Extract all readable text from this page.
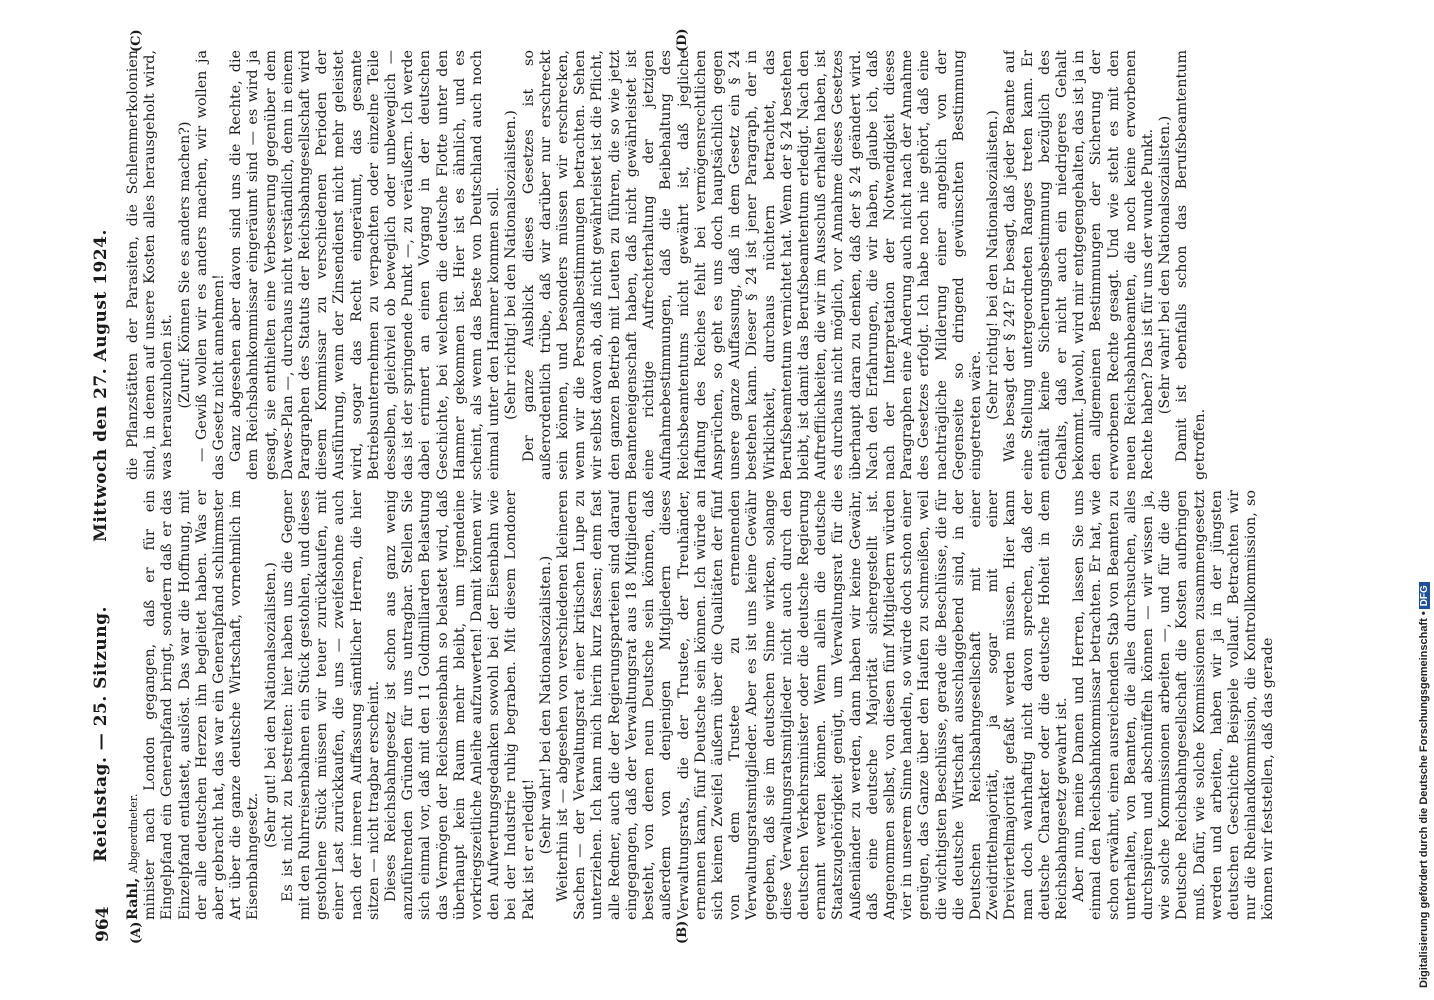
964
Reichstag. — 25. Sitzung.
Mittwoch den 27. August 1924.
(A)	(B)
(C)	(D)

Rahl, Abgeordneter. minister nach London gegangen, daß er für ein Eingelpfand ein Generalpfand bringt, sondern daß er das Einzelpfand entlastet, auslöst. Das war die Hoffnung, mit der alle deutschen Herzen ihn begleitet haben. Was er aber gebracht hat, das war ein Generalpfand schlimmster Art über die ganze deutsche Wirtschaft, vornehmlich im Eisenbahngesetz.

(Sehr gut! bei den Nationalsozialisten.) Es ist nicht zu bestreiten: hier haben uns die Gegner mit den Ruhrreisenbahnen ein Stück gestohlen, und dieses gestohlene Stück müssen wir teuer zurückkaufen, mit einer Last zurückkaufen, die uns — zweifelsohne auch nach der inneren Auffassung sämtlicher Herren, die hier sitzen — nicht tragbar erscheint. Dieses Reichsbahngesetz ist schon aus ganz wenig anzuführenden Gründen für uns untragbar. Stellen Sie sich einmal vor, daß mit den 11 Goldmilliarden Belastung das Vermögen der Reichseisenbahn so belastet wird, daß überhaupt kein Raum mehr bleibt, um irgendeine vorkriegszeitliche Anleihe aufzuwerten! Damit können wir den Aufwertungsgedanken sowohl bei der Eisenbahn wie bei der Industrie ruhig begraben. Mit diesem Londoner Pakt ist er erledigt! (Sehr wahr! bei den Nationalsozialisten.) Weiterhin ist — abgesehen von verschiedenen kleineren Sachen — der Verwaltungsrat einer kritischen Lupe zu unterziehen. Ich kann mich hierin kurz fassen; denn fast alle Redner, auch die der Regierungsparteien sind darauf eingegangen, daß der Verwaltungsrat aus 18 Mitgliedern besteht, von denen neun Deutsche sein können, daß außerdem von denjenigen Mitgliedern dieses Verwaltungsrats, die der Trustee, der Treuhänder, ernennen kann, fünf Deutsche sein können. Ich würde an sich keinen Zweifel äußern über die Qualitäten der fünf von dem Trustee zu ernennenden Verwaltungsratsmitglieder. Aber es ist uns keine Gewähr gegeben, daß sie im deutschen Sinne wirken, solange diese Verwaltungsratsmitglieder nicht auch durch den deutschen Verkehrsminister oder die deutsche Regierung ernannt werden können. Wenn allein die deutsche Staatszugehörigkeit genügt, um Verwaltungsrat für die Außenländer zu werden, dann haben wir keine Gewähr, daß eine deutsche Majorität sichergestellt ist. Angenommen selbst, von diesen fünf Mitgliedern würden vier in unserem Sinne handeln, so würde doch schon einer genügen, das Ganze über den Haufen zu schmeißen, weil die wichtigsten Beschlüsse, gerade die Beschlüsse, die für die deutsche Wirtschaft ausschlaggebend sind, in der Deutschen Reichsbahngesellschaft mit einer Zweidrittelmajorität, ja sogar mit einer Dreiviertelmajorität gefaßt werden müssen. Hier kann man doch wahrhaftig nicht davon sprechen, daß der deutsche Charakter oder die deutsche Hoheit in dem Reichsbahngesetz gewahrt ist. Aber nun, meine Damen und Herren, lassen Sie uns einmal den Reichsbahnkommissar betrachten. Er hat, wie schon erwähnt, einen ausreichenden Stab von Beamten zu unterhalten, von Beamten, die alles durchsuchen, alles durchspüren und abschnüffeln können — wir wissen ja, wie solche Kommissionen arbeiten —, und für die die Deutsche Reichsbahngesellschaft die Kosten aufbringen muß. Dafür, wie solche Kommissionen zusammengesetzt werden und arbeiten, haben wir ja in der jüngsten deutschen Geschichte Beispiele vollauf. Betrachten wir nur die Rheinlandkommission, die Kontrollkommission, so können wir feststellen, daß das gerade

die Pflanzstätten der Parasiten, die Schlemmerkolonien sind, in denen auf unsere Kosten alles herausgeholt wird, was herauszuholen ist. (Zuruf: Können Sie es anders machen?) — Gewiß wollen wir es anders machen, wir wollen ja das Gesetz nicht annehmen! Ganz abgesehen aber davon sind uns die Rechte, die dem Reichsbahnkommissar eingeräumt sind — es wird ja gesagt, sie enthielten eine Verbesserung gegenüber dem Dawes-Plan —, durchaus nicht verständlich, denn in einem Paragraphen des Statuts der Reichsbahngesellschaft wird diesem Kommissar zu verschiedenen Perioden der Ausführung, wenn der Zinsendienst nicht mehr geleistet wird, sogar das Recht eingeräumt, das gesamte Betriebsunternehmen zu verpachten oder einzelne Teile desselben, gleichviel ob beweglich oder unbeweglich — das ist der springende Punkt —, zu veräußern. Ich werde dabei erinnert an einen Vorgang in der deutschen Geschichte, bei welchem die deutsche Flotte unter den Hammer gekommen ist. Hier ist es ähnlich, und es scheint, als wenn das Beste von Deutschland auch noch einmal unter den Hammer kommen soll. (Sehr richtig! bei den Nationalsozialisten.) Der ganze Ausblick dieses Gesetzes ist so außerordentlich trübe, daß wir darüber nur erschreckt sein können, und besonders müssen wir erschrecken, wenn wir die Personalbestimmungen betrachten. Sehen wir selbst davon ab, daß nicht gewährleistet ist die Pflicht, den ganzen Betrieb mit Leuten zu führen, die so wie jetzt Beamteneigenschaft haben, daß nicht gewährleistet ist eine richtige Aufrechterhaltung der jetzigen Aufnahmebestimmungen, daß die Beibehaltung des Reichsbeamtentums nicht gewährt ist, daß jegliche Haftung des Reiches fehlt bei vermögensrechtlichen Ansprüchen, so geht es uns doch hauptsächlich gegen unsere ganze Auffassung, daß in dem Gesetz ein § 24 bestehen kann. Dieser § 24 ist jener Paragraph, der in Wirklichkeit, durchaus nüchtern betrachtet, das Berufsbeamtentum vernichtet hat. Wenn der § 24 bestehen bleibt, ist damit das Berufsbeamtentum erledigt. Nach den Auftrefflichkeiten, die wir im Ausschuß erhalten haben, ist es durchaus nicht möglich, vor Annahme dieses Gesetzes überhaupt daran zu denken, daß der § 24 geändert wird. Nach den Erfahrungen, die wir haben, glaube ich, daß nach der Interpretation der Notwendigkeit dieses Paragraphen eine Änderung auch nicht nach der Annahme des Gesetzes erfolgt. Ich habe noch nie gehört, daß eine nachträgliche Milderung einer angeblich von der Gegenseite so dringend gewünschten Bestimmung eingetreten wäre. (Sehr richtig! bei den Nationalsozialisten.) Was besagt der § 24? Er besagt, daß jeder Beamte auf eine Stellung untergeordneten Ranges treten kann. Er enthält keine Sicherungsbestimmung bezüglich des Gehalts, daß er nicht auch ein niedrigeres Gehalt bekommt. Jawohl, wird mir entgegengehalten, das ist ja in den allgemeinen Bestimmungen der Sicherung der erworbenen Rechte gesagt. Und wie steht es mit den neuen Reichsbahnbeamten, die noch keine erworbenen Rechte haben? Das ist für uns der wunde Punkt. (Sehr wahr! bei den Nationalsozialisten.) Damit ist ebenfalls schon das Berufsbeamtentum getroffen.

Digitalisierung gefördert durch die Deutsche Forschungsgemeinschaft •DFG
